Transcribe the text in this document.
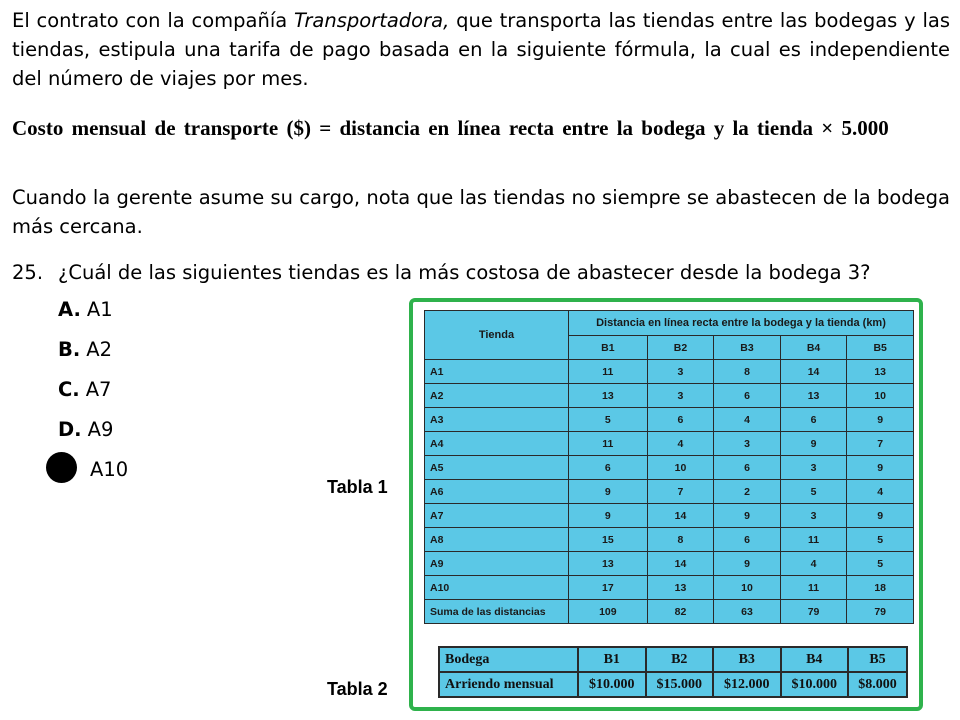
El contrato con la compañía Transportadora, que transporta las tiendas entre las bodegas y las tiendas, estipula una tarifa de pago basada en la siguiente fórmula, la cual es independiente del número de viajes por mes.

Costo mensual de transporte ($) = distancia en línea recta entre la bodega y la tienda × 5.000

Cuando la gerente asume su cargo, nota que las tiendas no siempre se abastecen de la bodega más cercana.

25. ¿Cuál de las siguientes tiendas es la más costosa de abastecer desde la bodega 3?
A. A1
B. A2
C. A7
D. A9
A10
Tabla 1
Tabla 2
Tienda	Distancia en línea recta entre la bodega y la tienda (km)				
	B1	B2	B3	B4	B5
A1	11	3	8	14	13
A2	13	3	6	13	10
A3	5	6	4	6	9
A4	11	4	3	9	7
A5	6	10	6	3	9
A6	9	7	2	5	4
A7	9	14	9	3	9
A8	15	8	6	11	5
A9	13	14	9	4	5
A10	17	13	10	11	18
Suma de las distancias	109	82	63	79	79
Bodega	B1	B2	B3	B4	B5
Arriendo mensual	$10.000	$15.000	$12.000	$10.000	$8.000
